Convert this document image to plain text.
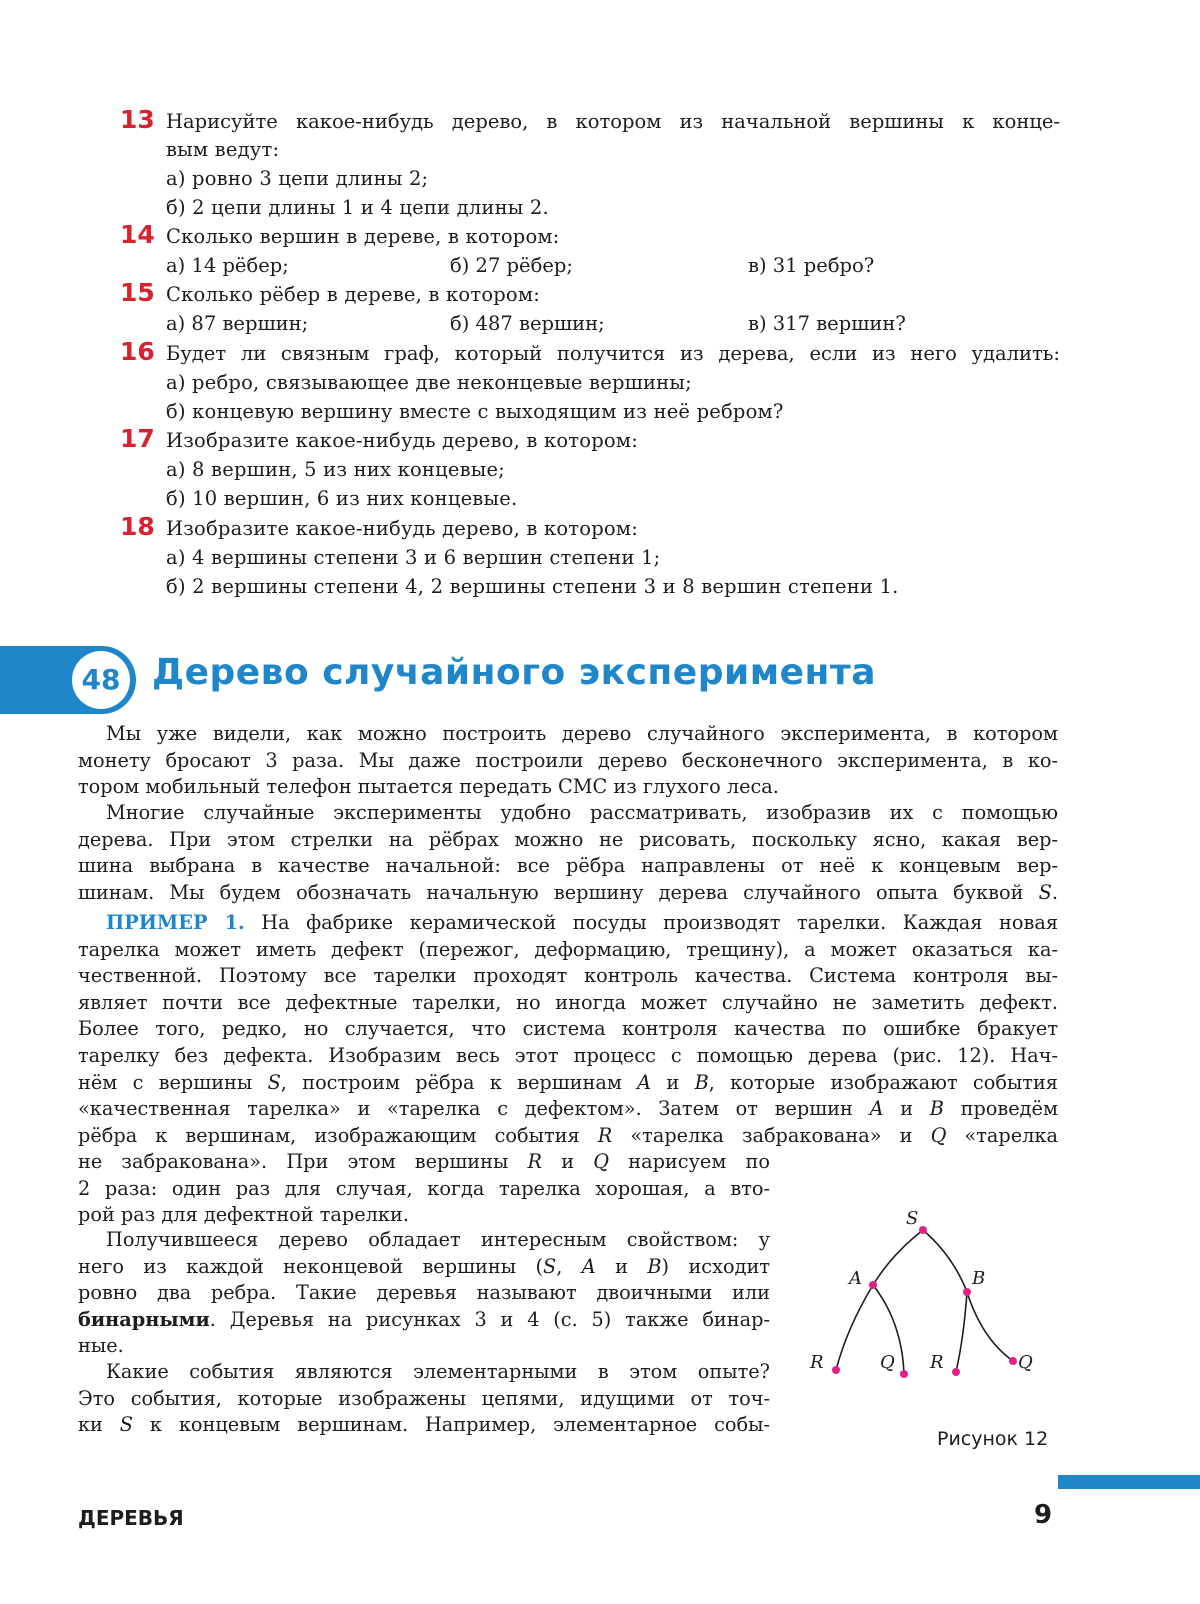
13 Нарисуйте какое-нибудь дерево, в котором из начальной вершины к конце-
вым ведут:
а) ровно 3 цепи длины 2;
б) 2 цепи длины 1 и 4 цепи длины 2.
14 Сколько вершин в дереве, в котором:
а) 14 рёбер;	б) 27 рёбер;	в) 31 ребро?
15 Сколько рёбер в дереве, в котором:
а) 87 вершин;	б) 487 вершин;	в) 317 вершин?
16 Будет ли связным граф, который получится из дерева, если из него удалить:
а) ребро, связывающее две неконцевые вершины;
б) концевую вершину вместе с выходящим из неё ребром?
17 Изобразите какое-нибудь дерево, в котором:
а) 8 вершин, 5 из них концевые;
б) 10 вершин, 6 из них концевые.
18 Изобразите какое-нибудь дерево, в котором:
а) 4 вершины степени 3 и 6 вершин степени 1;
б) 2 вершины степени 4, 2 вершины степени 3 и 8 вершин степени 1.
48 Дерево случайного эксперимента
Мы уже видели, как можно построить дерево случайного эксперимента, в котором
монету бросают 3 раза. Мы даже построили дерево бесконечного эксперимента, в ко-
тором мобильный телефон пытается передать СМС из глухого леса.
Многие случайные эксперименты удобно рассматривать, изобразив их с помощью
дерева. При этом стрелки на рёбрах можно не рисовать, поскольку ясно, какая вер-
шина выбрана в качестве начальной: все рёбра направлены от неё к концевым вер-
шинам. Мы будем обозначать начальную вершину дерева случайного опыта буквой S.
ПРИМЕР 1. На фабрике керамической посуды производят тарелки. Каждая новая
тарелка может иметь дефект (пережог, деформацию, трещину), а может оказаться ка-
чественной. Поэтому все тарелки проходят контроль качества. Система контроля вы-
являет почти все дефектные тарелки, но иногда может случайно не заметить дефект.
Более того, редко, но случается, что система контроля качества по ошибке бракует
тарелку без дефекта. Изобразим весь этот процесс с помощью дерева (рис. 12). Нач-
нём с вершины S, построим рёбра к вершинам A и B, которые изображают события
«качественная тарелка» и «тарелка с дефектом». Затем от вершин A и B проведём
рёбра к вершинам, изображающим события R «тарелка забракована» и Q «тарелка
не забракована». При этом вершины R и Q нарисуем по
2 раза: один раз для случая, когда тарелка хорошая, а вто-
рой раз для дефектной тарелки.
Получившееся дерево обладает интересным свойством: у
него из каждой неконцевой вершины (S, A и B) исходит
ровно два ребра. Такие деревья называют двоичными или
бинарными. Деревья на рисунках 3 и 4 (с. 5) также бинар-
ные.
Какие события являются элементарными в этом опыте?
Это события, которые изображены цепями, идущими от точ-
ки S к концевым вершинам. Например, элементарное собы-
S
A	B
R	Q R	Q
Рисунок 12
ДЕРЕВЬЯ	9
